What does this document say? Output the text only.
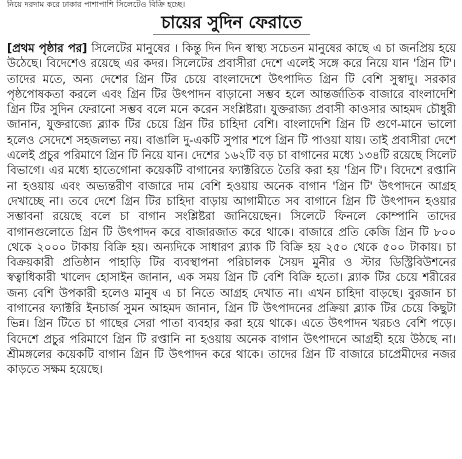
নিয়ে দরদাম করে ঢাকার পাশাপাশি সিলেটেও বিক্রি হচ্ছে।
চায়ের সুদিন ফেরাতে
[প্রথম পৃষ্ঠার পর] সিলেটের মানুষের । কিন্তু দিন দিন স্বাস্থ্য সচেতন মানুষের কাছে এ চা জনপ্রিয় হয়ে উঠেছে। বিদেশেও রয়েছে এর কদর। সিলেটের প্রবাসীরা দেশে এলেই সঙ্গে করে নিয়ে যান 'গ্রিন টি'। তাদের মতে, অন্য দেশের গ্রিন টির চেয়ে বাংলাদেশে উৎপাদিত গ্রিন টি বেশি সুস্বাদু। সরকার পৃষ্ঠপোষকতা করলে এবং গ্রিন টির উৎপাদন বাড়ানো সম্ভব হলে আন্তর্জাতিক বাজারে বাংলাদেশি গ্রিন টির সুদিন ফেরানো সম্ভব বলে মনে করেন সংশ্লিষ্টরা। যুক্তরাজ্য প্রবাসী কাওসার আহমদ চৌধুরী জানান, যুক্তরাজ্যে ব্ল্যাক টির চেয়ে গ্রিন টির চাহিদা বেশি। বাংলাদেশি গ্রিন টি গুণে-মানে ভালো হলেও সেদেশে সহজলভ্য নয়। বাঙালি দু-একটি সুপার শপে গ্রিন টি পাওয়া যায়। তাই প্রবাসীরা দেশে এলেই প্রচুর পরিমাণে গ্রিন টি নিয়ে যান। দেশের ১৬২টি বড় চা বাগানের মধ্যে ১৩৪টি রয়েছে সিলেট বিভাগে। এর মধ্যে হাতেগোনা কয়েকটি বাগানের ফ্যাক্টরিতে তৈরি করা হয় 'গ্রিন টি'। বিদেশে রপ্তানি না হওয়ায় এবং অভ্যন্তরীণ বাজারে দাম বেশি হওয়ায় অনেক বাগান 'গ্রিন টি' উৎপাদনে আগ্রহ দেখাচ্ছে না। তবে দেশে গ্রিন টির চাহিদা বাড়ায় আগামীতে সব বাগানে গ্রিন টি উৎপাদন হওয়ার সম্ভাবনা রয়েছে বলে চা বাগান সংশ্লিষ্টরা জানিয়েছেন। সিলেটে ফিনলে কোম্পানি তাদের বাগানগুলোতে গ্রিন টি উৎপাদন করে বাজারজাত করে থাকে। বাজারে প্রতি কেজি গ্রিন টি ৮০০ থেকে ২০০০ টাকায় বিক্রি হয়। অন্যদিকে সাধারণ ব্ল্যাক টি বিক্রি হয় ২৫০ থেকে ৫০০ টাকায়। চা বিক্রয়কারী প্রতিষ্ঠান পাহাড়ি টির ব্যবস্থাপনা পরিচালক সৈয়দ মুনীর ও স্টার ডিস্ট্রিবিউশনের স্বত্বাধিকারী খালেদ হোসাইন জানান, এক সময় গ্রিন টি বেশি বিক্রি হতো। ব্ল্যাক টির চেয়ে শরীরের জন্য বেশি উপকারী হলেও মানুষ এ চা নিতে আগ্রহ দেখাত না। এখন চাহিদা বাড়ছে। বুরজান চা বাগানের ফ্যাক্টরি ইনচার্জ সুমন আহমদ জানান, গ্রিন টি উৎপাদনের প্রক্রিয়া ব্ল্যাক টির চেয়ে কিছুটা ভিন্ন। গ্রিন টিতে চা গাছের সেরা পাতা ব্যবহার করা হয়ে থাকে। এতে উৎপাদন খরচও বেশি পড়ে। বিদেশে প্রচুর পরিমাণে গ্রিন টি রপ্তানি না হওয়ায় অনেক বাগান উৎপাদনে আগ্রহী হয়ে উঠছে না। শ্রীমঙ্গলের কয়েকটি বাগান গ্রিন টি উৎপাদন করে থাকে। তাদের গ্রিন টি বাজারে চাপ্রেমীদের নজর কাড়তে সক্ষম হয়েছে।
